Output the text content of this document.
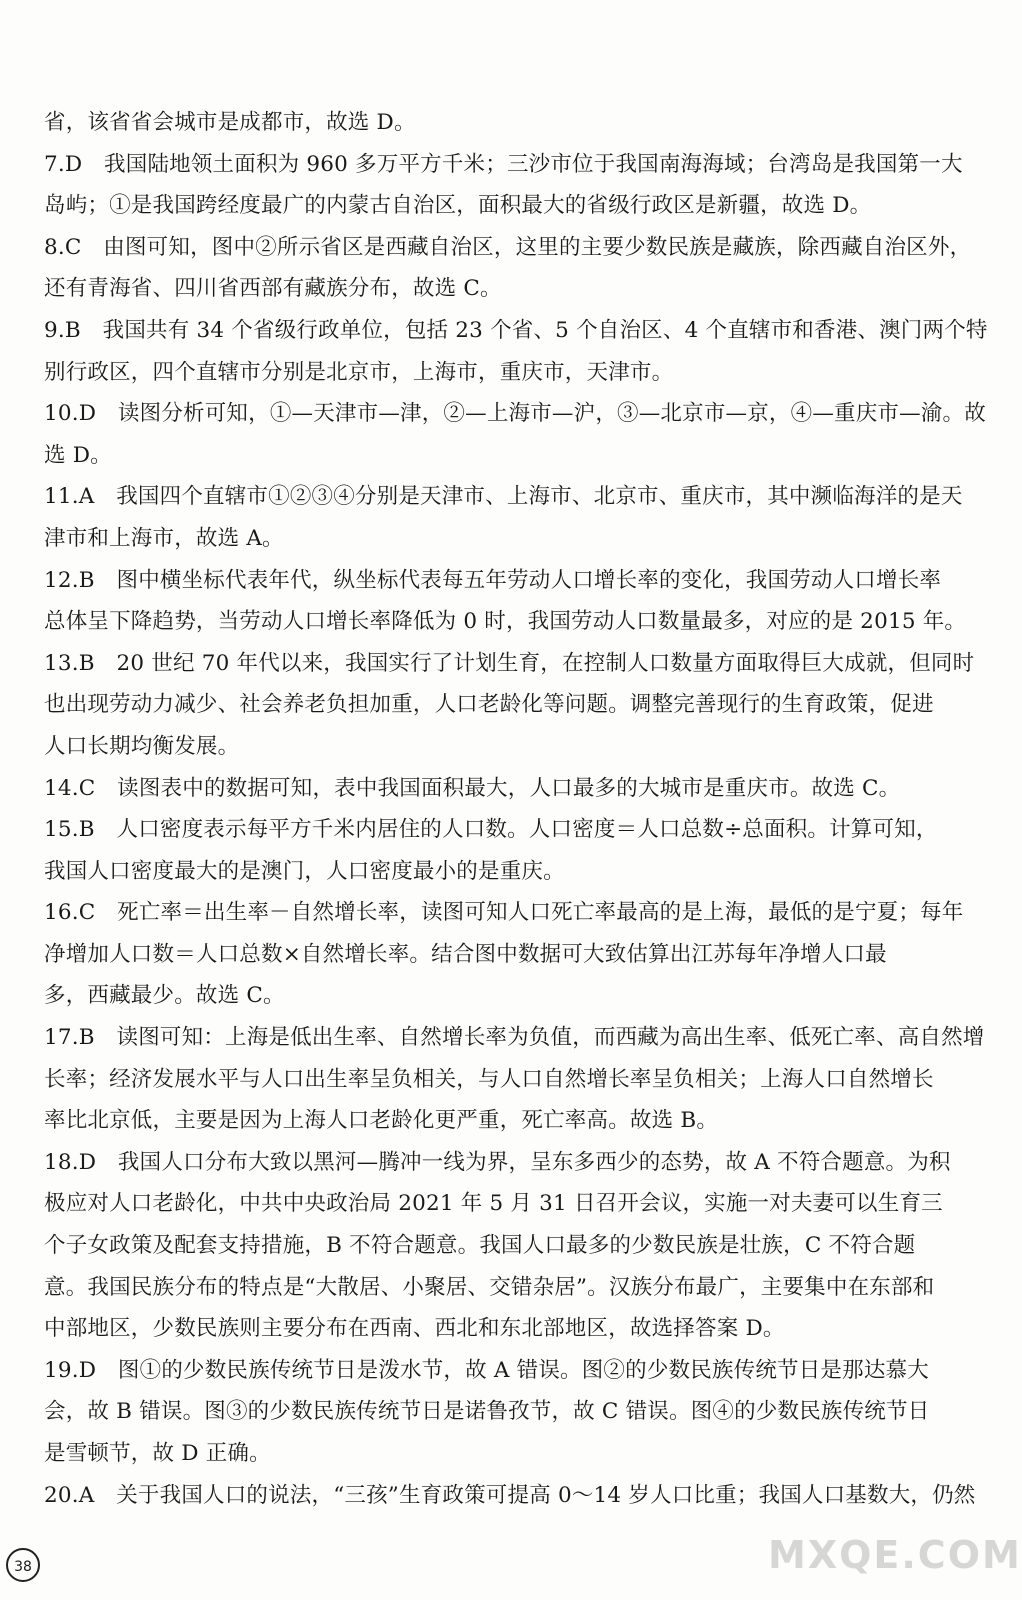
省，该省省会城市是成都市，故选 D。
7.D　我国陆地领土面积为 960 多万平方千米；三沙市位于我国南海海域；台湾岛是我国第一大
岛屿；①是我国跨经度最广的内蒙古自治区，面积最大的省级行政区是新疆，故选 D。
8.C　由图可知，图中②所示省区是西藏自治区，这里的主要少数民族是藏族，除西藏自治区外，
还有青海省、四川省西部有藏族分布，故选 C。
9.B　我国共有 34 个省级行政单位，包括 23 个省、5 个自治区、4 个直辖市和香港、澳门两个特
别行政区，四个直辖市分别是北京市，上海市，重庆市，天津市。
10.D　读图分析可知，①—天津市—津，②—上海市—沪，③—北京市—京，④—重庆市—渝。故
选 D。
11.A　我国四个直辖市①②③④分别是天津市、上海市、北京市、重庆市，其中濒临海洋的是天
津市和上海市，故选 A。
12.B　图中横坐标代表年代，纵坐标代表每五年劳动人口增长率的变化，我国劳动人口增长率
总体呈下降趋势，当劳动人口增长率降低为 0 时，我国劳动人口数量最多，对应的是 2015 年。
13.B　20 世纪 70 年代以来，我国实行了计划生育，在控制人口数量方面取得巨大成就，但同时
也出现劳动力减少、社会养老负担加重，人口老龄化等问题。调整完善现行的生育政策，促进
人口长期均衡发展。
14.C　读图表中的数据可知，表中我国面积最大，人口最多的大城市是重庆市。故选 C。
15.B　人口密度表示每平方千米内居住的人口数。人口密度＝人口总数÷总面积。计算可知，
我国人口密度最大的是澳门，人口密度最小的是重庆。
16.C　死亡率＝出生率－自然增长率，读图可知人口死亡率最高的是上海，最低的是宁夏；每年
净增加人口数＝人口总数×自然增长率。结合图中数据可大致估算出江苏每年净增人口最
多，西藏最少。故选 C。
17.B　读图可知：上海是低出生率、自然增长率为负值，而西藏为高出生率、低死亡率、高自然增
长率；经济发展水平与人口出生率呈负相关，与人口自然增长率呈负相关；上海人口自然增长
率比北京低，主要是因为上海人口老龄化更严重，死亡率高。故选 B。
18.D　我国人口分布大致以黑河—腾冲一线为界，呈东多西少的态势，故 A 不符合题意。为积
极应对人口老龄化，中共中央政治局 2021 年 5 月 31 日召开会议，实施一对夫妻可以生育三
个子女政策及配套支持措施，B 不符合题意。我国人口最多的少数民族是壮族，C 不符合题
意。我国民族分布的特点是“大散居、小聚居、交错杂居”。汉族分布最广，主要集中在东部和
中部地区，少数民族则主要分布在西南、西北和东北部地区，故选择答案 D。
19.D　图①的少数民族传统节日是泼水节，故 A 错误。图②的少数民族传统节日是那达慕大
会，故 B 错误。图③的少数民族传统节日是诺鲁孜节，故 C 错误。图④的少数民族传统节日
是雪顿节，故 D 正确。
20.A　关于我国人口的说法，“三孩”生育政策可提高 0～14 岁人口比重；我国人口基数大，仍然
38	MXQE.COM
